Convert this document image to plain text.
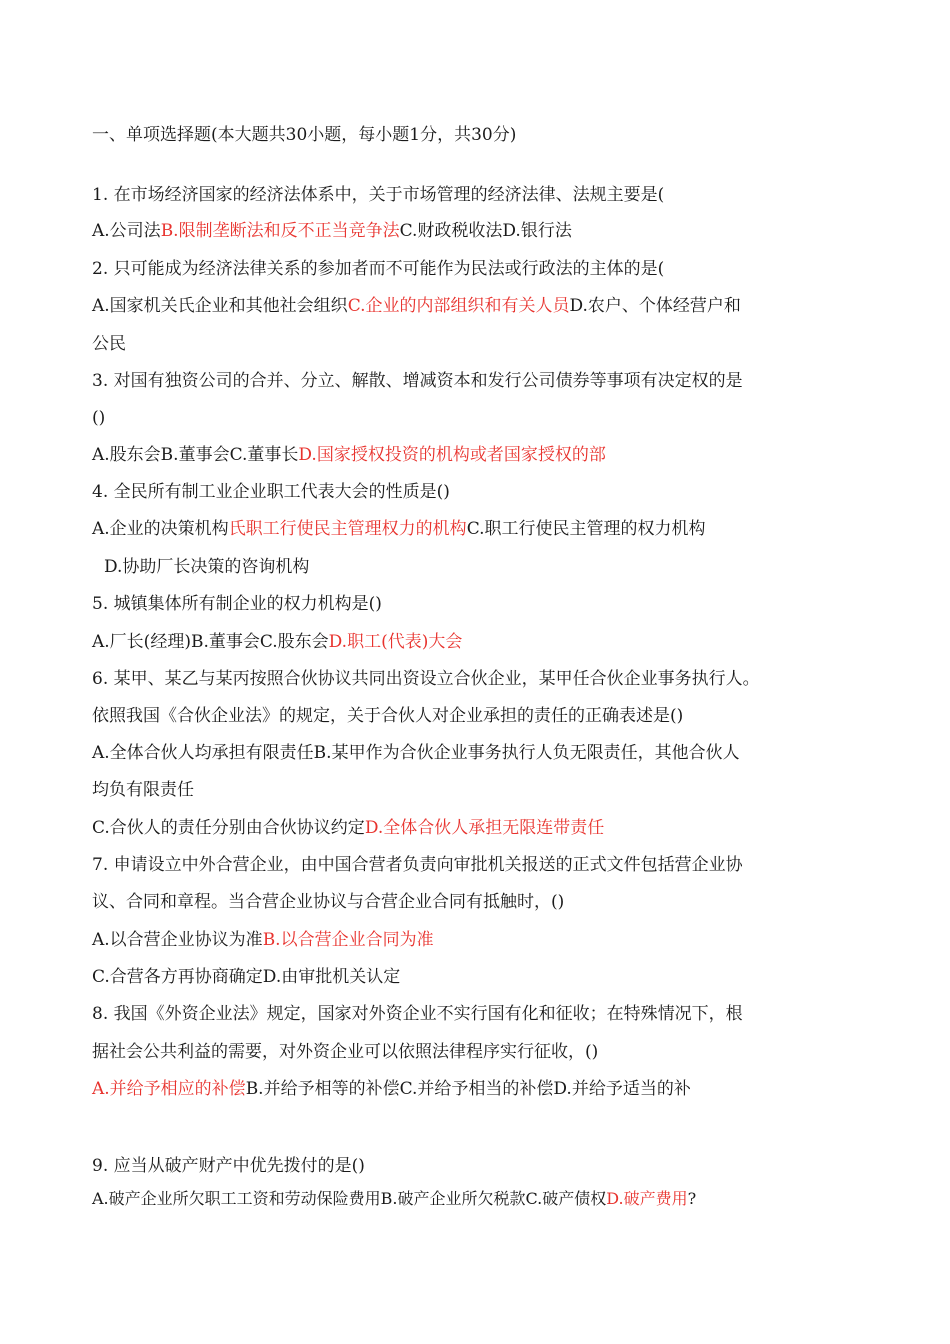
一、单项选择题(本大题共30小题，每小题1分，共30分)
1. 在市场经济国家的经济法体系中，关于市场管理的经济法律、法规主要是(
A.公司法B.限制垄断法和反不正当竞争法C.财政税收法D.银行法
2. 只可能成为经济法律关系的参加者而不可能作为民法或行政法的主体的是(
A.国家机关氏企业和其他社会组织C.企业的内部组织和有关人员D.农户、个体经营户和
公民
3. 对国有独资公司的合并、分立、解散、增减资本和发行公司债券等事项有决定权的是
()
A.股东会B.董事会C.董事长D.国家授权投资的机构或者国家授权的部
4. 全民所有制工业企业职工代表大会的性质是()
A.企业的决策机构氏职工行使民主管理权力的机构C.职工行使民主管理的权力机构
D.协助厂长决策的咨询机构
5. 城镇集体所有制企业的权力机构是()
A.厂长(经理)B.董事会C.股东会D.职工(代表)大会
6. 某甲、某乙与某丙按照合伙协议共同出资设立合伙企业，某甲任合伙企业事务执行人。
依照我国《合伙企业法》的规定，关于合伙人对企业承担的责任的正确表述是()
A.全体合伙人均承担有限责任B.某甲作为合伙企业事务执行人负无限责任，其他合伙人
均负有限责任
C.合伙人的责任分别由合伙协议约定D.全体合伙人承担无限连带责任
7. 申请设立中外合营企业，由中国合营者负责向审批机关报送的正式文件包括营企业协
议、合同和章程。当合营企业协议与合营企业合同有抵触时，()
A.以合营企业协议为准B.以合营企业合同为准
C.合营各方再协商确定D.由审批机关认定
8. 我国《外资企业法》规定，国家对外资企业不实行国有化和征收；在特殊情况下，根
据社会公共利益的需要，对外资企业可以依照法律程序实行征收，()
A.并给予相应的补偿B.并给予相等的补偿C.并给予相当的补偿D.并给予适当的补
9. 应当从破产财产中优先拨付的是()
A.破产企业所欠职工工资和劳动保险费用B.破产企业所欠税款C.破产债权D.破产费用?
